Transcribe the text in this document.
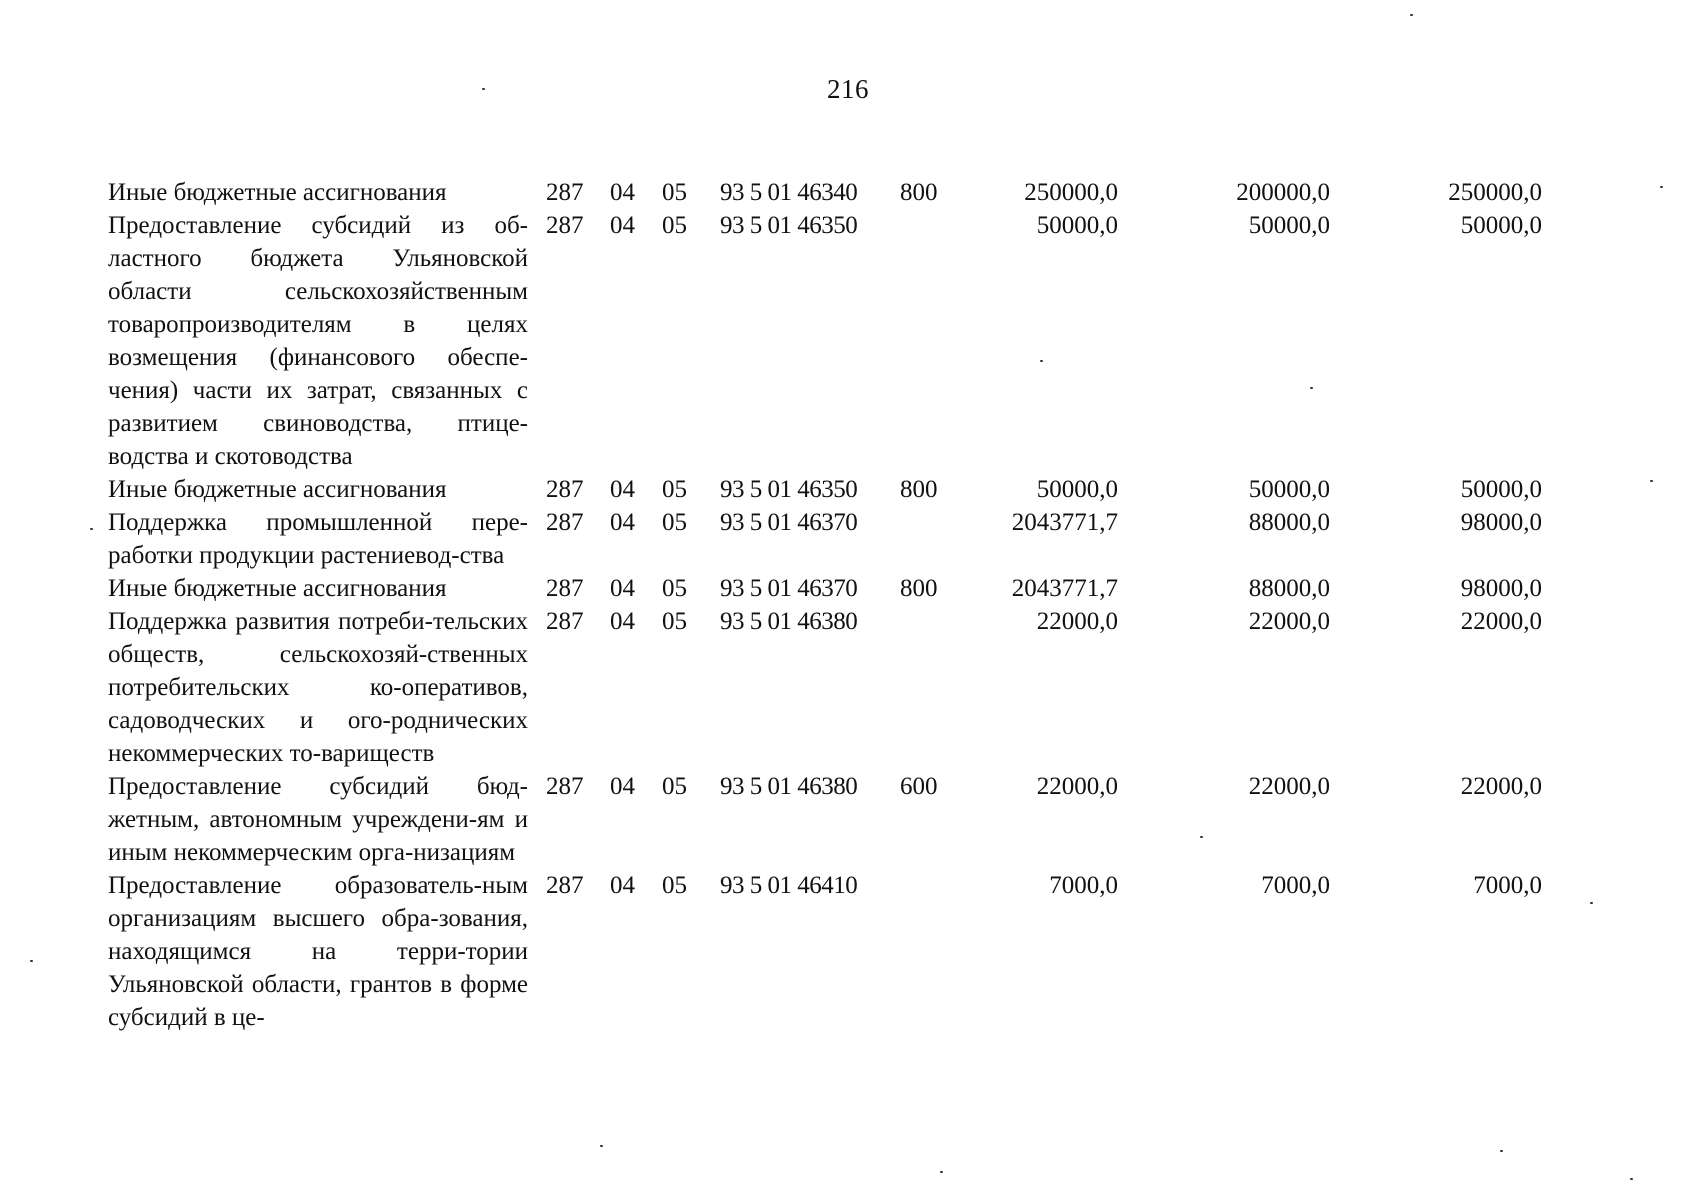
216
Иные бюджетные ассигнования	287	04	05	93 5 01 46340	800	250000,0	200000,0	250000,0
Предоставление субсидий из об-ластного бюджета Ульяновской области сельскохозяйственным товаропроизводителям в целях возмещения (финансового обеспе-чения) части их затрат, связанных с развитием свиноводства, птице-водства и скотоводства	287	04	05	93 5 01 46350		50000,0	50000,0	50000,0
Иные бюджетные ассигнования	287	04	05	93 5 01 46350	800	50000,0	50000,0	50000,0
Поддержка промышленной пере-работки продукции растениевод-ства	287	04	05	93 5 01 46370		2043771,7	88000,0	98000,0
Иные бюджетные ассигнования	287	04	05	93 5 01 46370	800	2043771,7	88000,0	98000,0
Поддержка развития потреби-тельских обществ, сельскохозяй-ственных потребительских ко-оперативов, садоводческих и ого-роднических некоммерческих то-вариществ	287	04	05	93 5 01 46380		22000,0	22000,0	22000,0
Предоставление субсидий бюд-жетным, автономным учреждени-ям и иным некоммерческим орга-низациям	287	04	05	93 5 01 46380	600	22000,0	22000,0	22000,0
Предоставление образователь-ным организациям высшего обра-зования, находящимся на терри-тории Ульяновской области, грантов в форме субсидий в це-	287	04	05	93 5 01 46410		7000,0	7000,0	7000,0
